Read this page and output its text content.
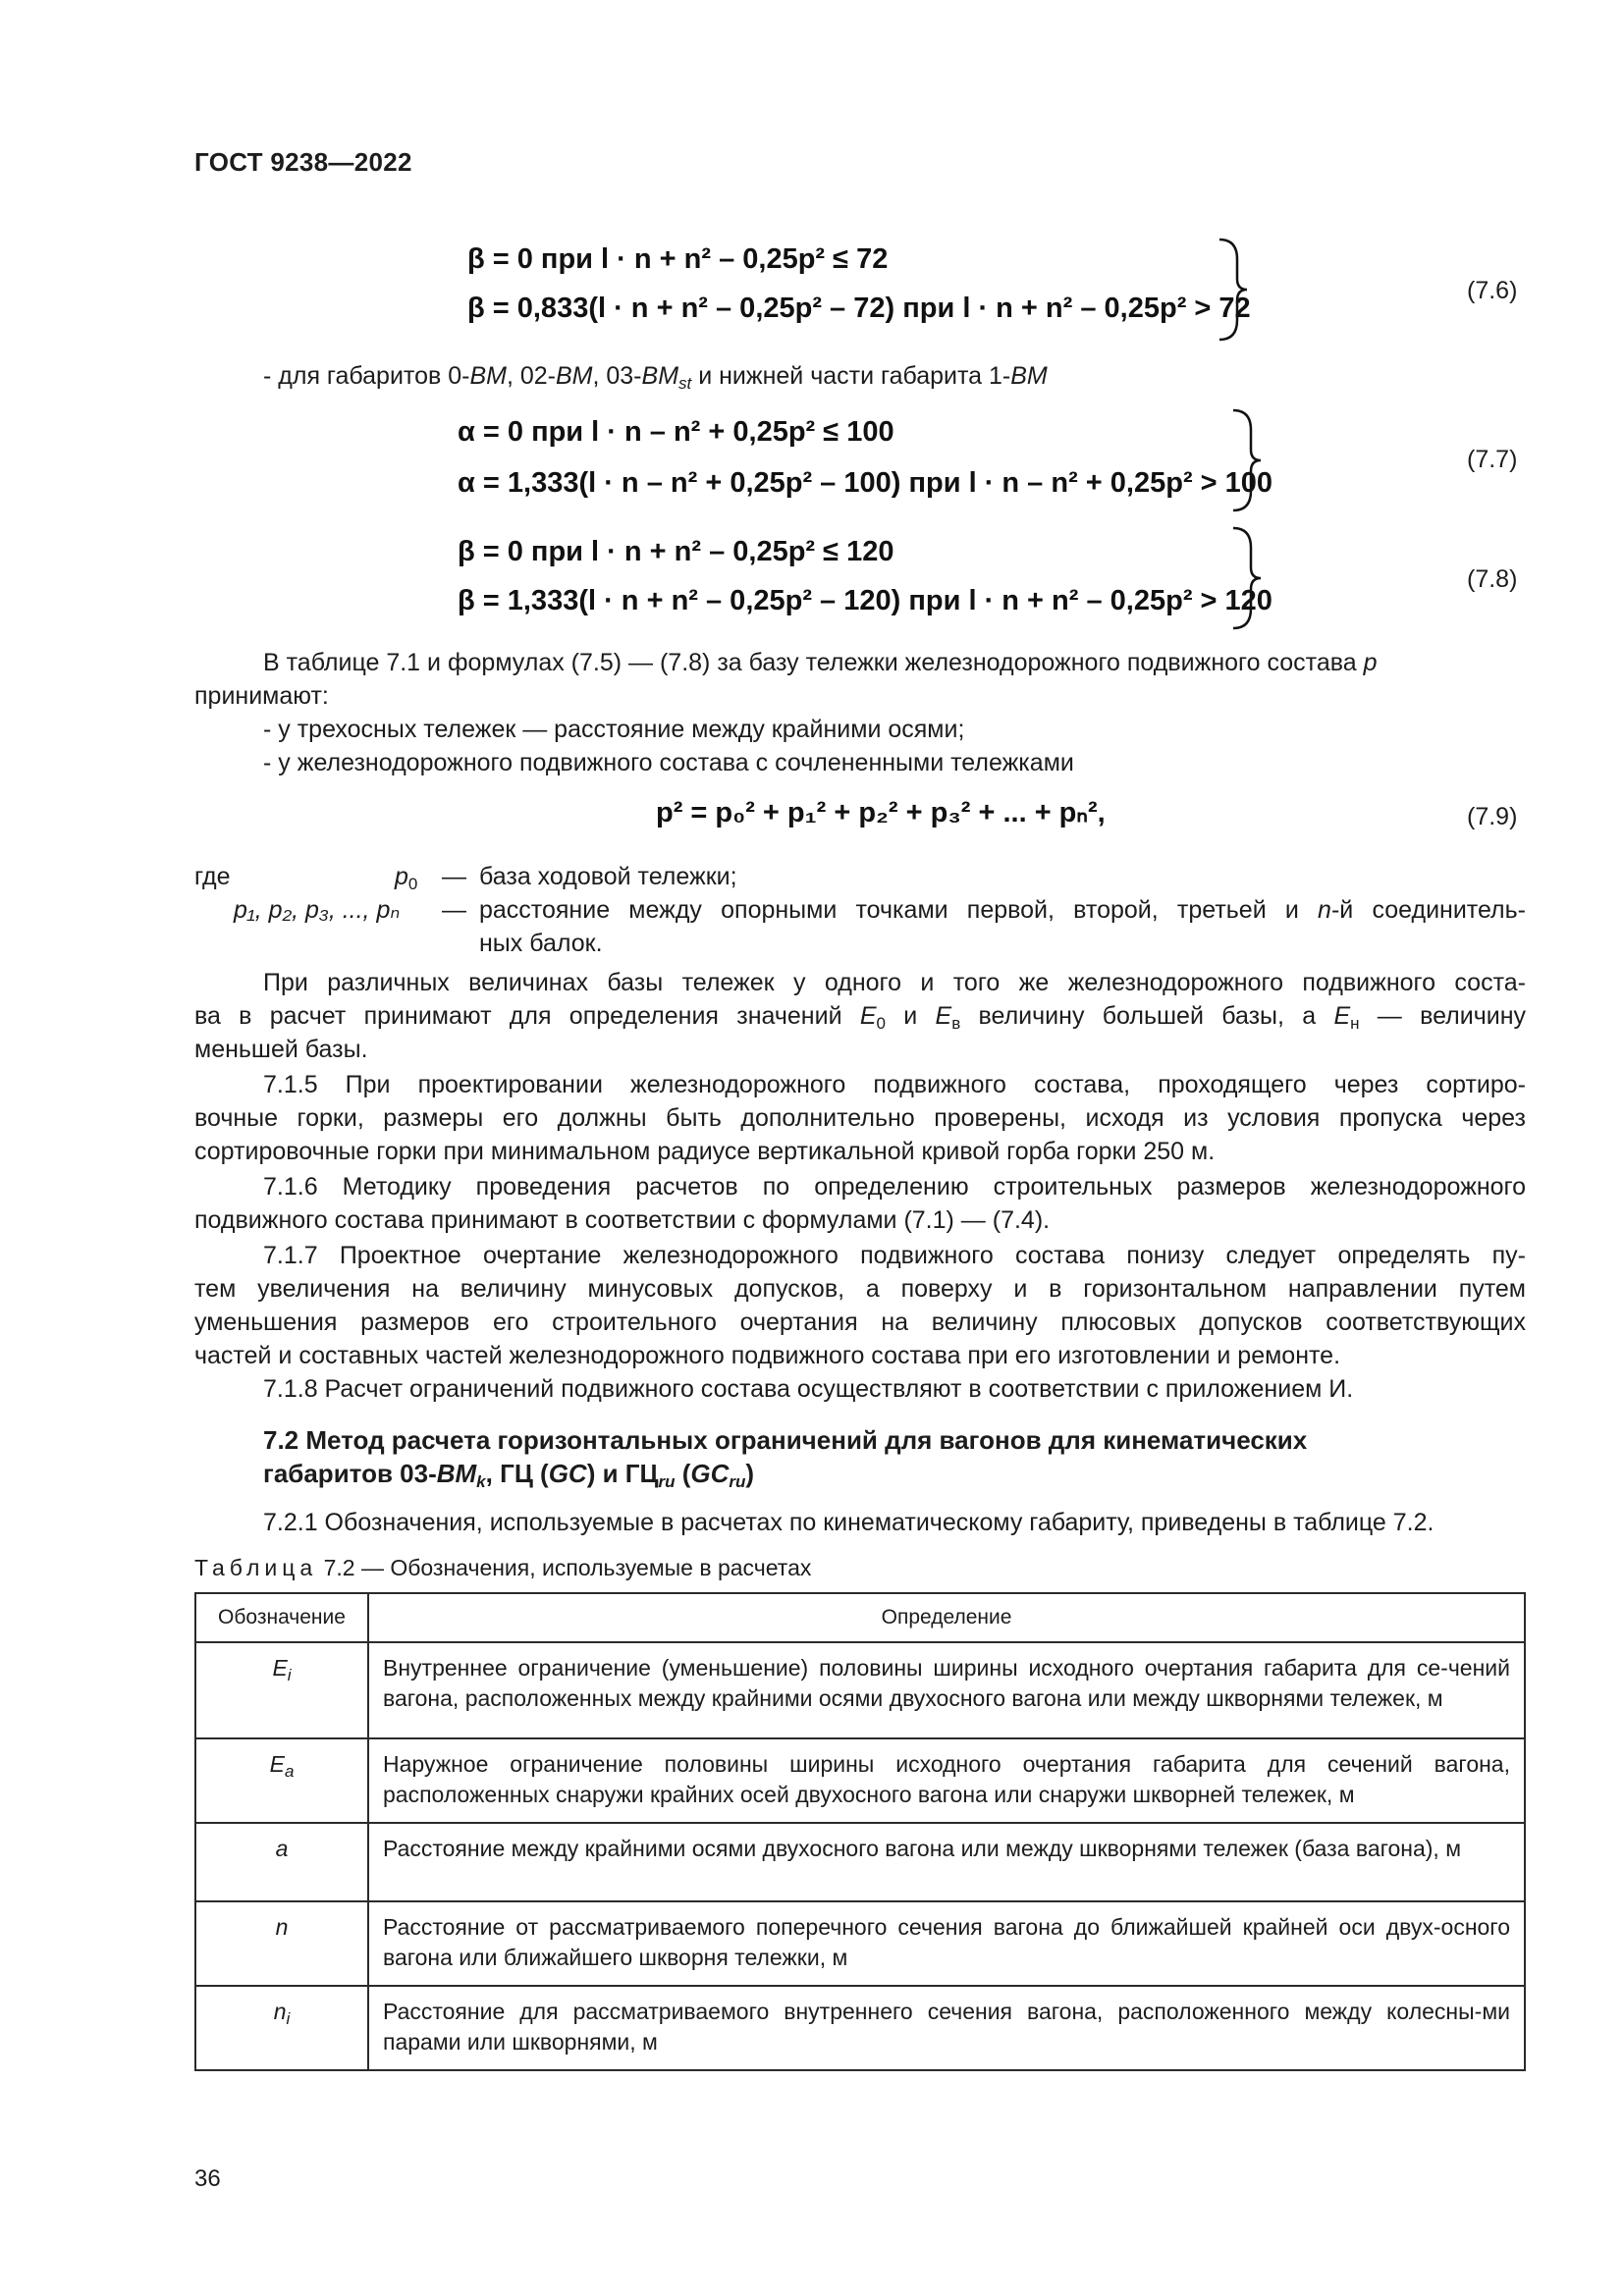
ГОСТ 9238—2022
β = 0 при l · n + n² – 0,25p² ≤ 72
β = 0,833(l · n + n² – 0,25p² – 72) при l · n + n² – 0,25p² > 72
(7.6)
- для габаритов 0-ВМ, 02-ВМ, $03-ВМ_{st}$ и нижней части габарита 1-ВМ
α = 0 при l · n – n² + 0,25p² ≤ 100
α = 1,333(l · n – n² + 0,25p² – 100) при l · n – n² + 0,25p² > 100
(7.7)
β = 0 при l · n + n² – 0,25p² ≤ 120
β = 1,333(l · n + n² – 0,25p² – 120) при l · n + n² – 0,25p² > 120
(7.8)
В таблице 7.1 и формулах (7.5) — (7.8) за базу тележки железнодорожного подвижного состава р
принимают:
- у трехосных тележек — расстояние между крайними осями;
- у железнодорожного подвижного состава с сочлененными тележками
p² = p₀² + p₁² + p₂² + p₃² + ... + pₙ²,	(7.9)
где	$р_0$ — база ходовой тележки;
р₁, р₂, р₃, ..., рₙ — расстояние между опорными точками первой, второй, третьей и n-й соединитель-
ных балок.
При различных величинах базы тележек у одного и того же железнодорожного подвижного соста-
ва в расчет принимают для определения значений $Е_0$ и $Е_в$ величину большей базы, а $Е_н$ — величину
меньшей базы.
7.1.5 При проектировании железнодорожного подвижного состава, проходящего через сортиро-
вочные горки, размеры его должны быть дополнительно проверены, исходя из условия пропуска через
сортировочные горки при минимальном радиусе вертикальной кривой горба горки 250 м.
7.1.6 Методику проведения расчетов по определению строительных размеров железнодорожного
подвижного состава принимают в соответствии с формулами (7.1) — (7.4).
7.1.7 Проектное очертание железнодорожного подвижного состава понизу следует определять пу-
тем увеличения на величину минусовых допусков, а поверху и в горизонтальном направлении путем
уменьшения размеров его строительного очертания на величину плюсовых допусков соответствующих
частей и составных частей железнодорожного подвижного состава при его изготовлении и ремонте.
7.1.8 Расчет ограничений подвижного состава осуществляют в соответствии с приложением И.
7.2 Метод расчета горизонтальных ограничений для вагонов для кинематических
габаритов $03-ВМ_k$, ГЦ (GC) и $ГЦ_{ru}$ $(GC_{ru})$
7.2.1 Обозначения, используемые в расчетах по кинематическому габариту, приведены в таблице 7.2.
Таблица 7.2 — Обозначения, используемые в расчетах
Обозначение	Определение
$E_i$	Внутреннее ограничение (уменьшение) половины ширины исходного очертания габарита для се-чений вагона, расположенных между крайними осями двухосного вагона или между шкворнями тележек, м
$E_a$	Наружное ограничение половины ширины исходного очертания габарита для сечений вагона, расположенных снаружи крайних осей двухосного вагона или снаружи шкворней тележек, м
a	Расстояние между крайними осями двухосного вагона или между шкворнями тележек (база вагона), м
n	Расстояние от рассматриваемого поперечного сечения вагона до ближайшей крайней оси двух-осного вагона или ближайшего шкворня тележки, м
$n_i$	Расстояние для рассматриваемого внутреннего сечения вагона, расположенного между колесны-ми парами или шкворнями, м
36
